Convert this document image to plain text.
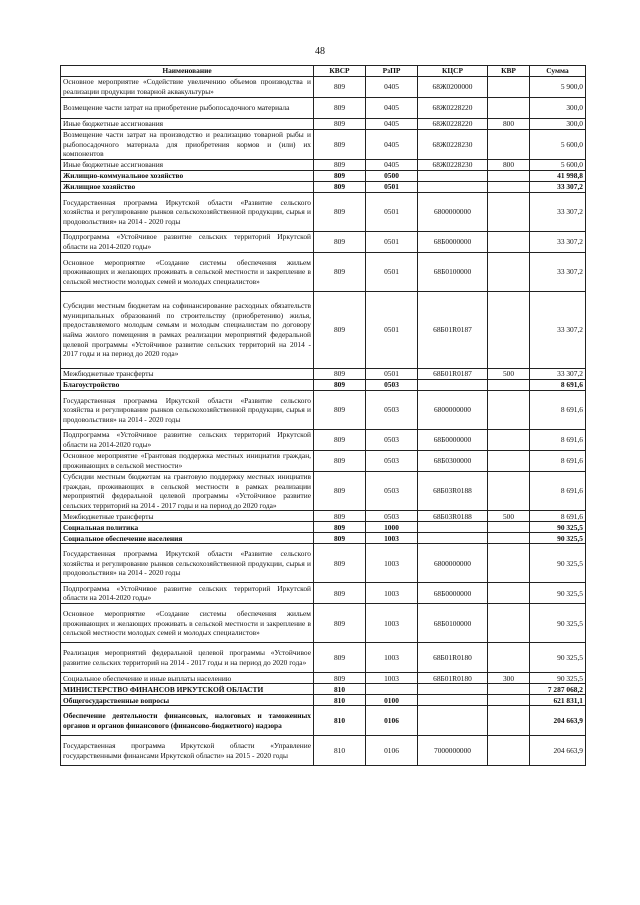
48
Наименование	КВСР	РзПР	КЦСР	КВР	Сумма
Основное мероприятие «Содействие увеличению объемов производства и реализации продукции товарной аквакультуры»	809	0405	68Ж0200000		5 900,0
Возмещение части затрат на приобретение рыбопосадочного материала	809	0405	68Ж0228220		300,0
Иные бюджетные ассигнования	809	0405	68Ж0228220	800	300,0
Возмещение части затрат на производство и реализацию товарной рыбы и рыбопосадочного материала для приобретения кормов и (или) их компонентов	809	0405	68Ж0228230		5 600,0
Иные бюджетные ассигнования	809	0405	68Ж0228230	800	5 600,0
Жилищно-коммунальное хозяйство	809	0500			41 998,8
Жилищное хозяйство	809	0501			33 307,2
Государственная программа Иркутской области «Развитие сельского хозяйства и регулирование рынков сельскохозяйственной продукции, сырья и продовольствия» на 2014 - 2020 годы	809	0501	6800000000		33 307,2
Подпрограмма «Устойчивое развитие сельских территорий Иркутской области на 2014-2020 годы»	809	0501	68Б0000000		33 307,2
Основное мероприятие «Создание системы обеспечения жильем проживающих и желающих проживать в сельской местности и закрепление в сельской местности молодых семей и молодых специалистов»	809	0501	68Б0100000		33 307,2
Субсидии местным бюджетам на софинансирование расходных обязательств муниципальных образований по строительству (приобретению) жилья, предоставляемого молодым семьям и молодым специалистам по договору найма жилого помещения в рамках реализации мероприятий федеральной целевой программы «Устойчивое развитие сельских территорий на 2014 - 2017 годы и на период до 2020 года»	809	0501	68Б01R0187		33 307,2
Межбюджетные трансферты	809	0501	68Б01R0187	500	33 307,2
Благоустройство	809	0503			8 691,6
Государственная программа Иркутской области «Развитие сельского хозяйства и регулирование рынков сельскохозяйственной продукции, сырья и продовольствия» на 2014 - 2020 годы	809	0503	6800000000		8 691,6
Подпрограмма «Устойчивое развитие сельских территорий Иркутской области на 2014-2020 годы»	809	0503	68Б0000000		8 691,6
Основное мероприятие «Грантовая поддержка местных инициатив граждан, проживающих в сельской местности»	809	0503	68Б0300000		8 691,6
Субсидии местным бюджетам на грантовую поддержку местных инициатив граждан, проживающих в сельской местности в рамках реализации мероприятий федеральной целевой программы «Устойчивое развитие сельских территорий на 2014 - 2017 годы и на период до 2020 года»	809	0503	68Б03R0188		8 691,6
Межбюджетные трансферты	809	0503	68Б03R0188	500	8 691,6
Социальная политика	809	1000			90 325,5
Социальное обеспечение населения	809	1003			90 325,5
Государственная программа Иркутской области «Развитие сельского хозяйства и регулирование рынков сельскохозяйственной продукции, сырья и продовольствия» на 2014 - 2020 годы	809	1003	6800000000		90 325,5
Подпрограмма «Устойчивое развитие сельских территорий Иркутской области на 2014-2020 годы»	809	1003	68Б0000000		90 325,5
Основное мероприятие «Создание системы обеспечения жильем проживающих и желающих проживать в сельской местности и закрепление в сельской местности молодых семей и молодых специалистов»	809	1003	68Б0100000		90 325,5
Реализация мероприятий федеральной целевой программы «Устойчивое развитие сельских территорий на 2014 - 2017 годы и на период до 2020 года»	809	1003	68Б01R0180		90 325,5
Социальное обеспечение и иные выплаты населению	809	1003	68Б01R0180	300	90 325,5
МИНИСТЕРСТВО ФИНАНСОВ ИРКУТСКОЙ ОБЛАСТИ	810				7 287 068,2
Общегосударственные вопросы	810	0100			621 831,1
Обеспечение деятельности финансовых, налоговых и таможенных органов и органов финансового (финансово-бюджетного) надзора	810	0106			204 663,9
Государственная программа Иркутской области «Управление государственными финансами Иркутской области» на 2015 - 2020 годы	810	0106	7000000000		204 663,9
